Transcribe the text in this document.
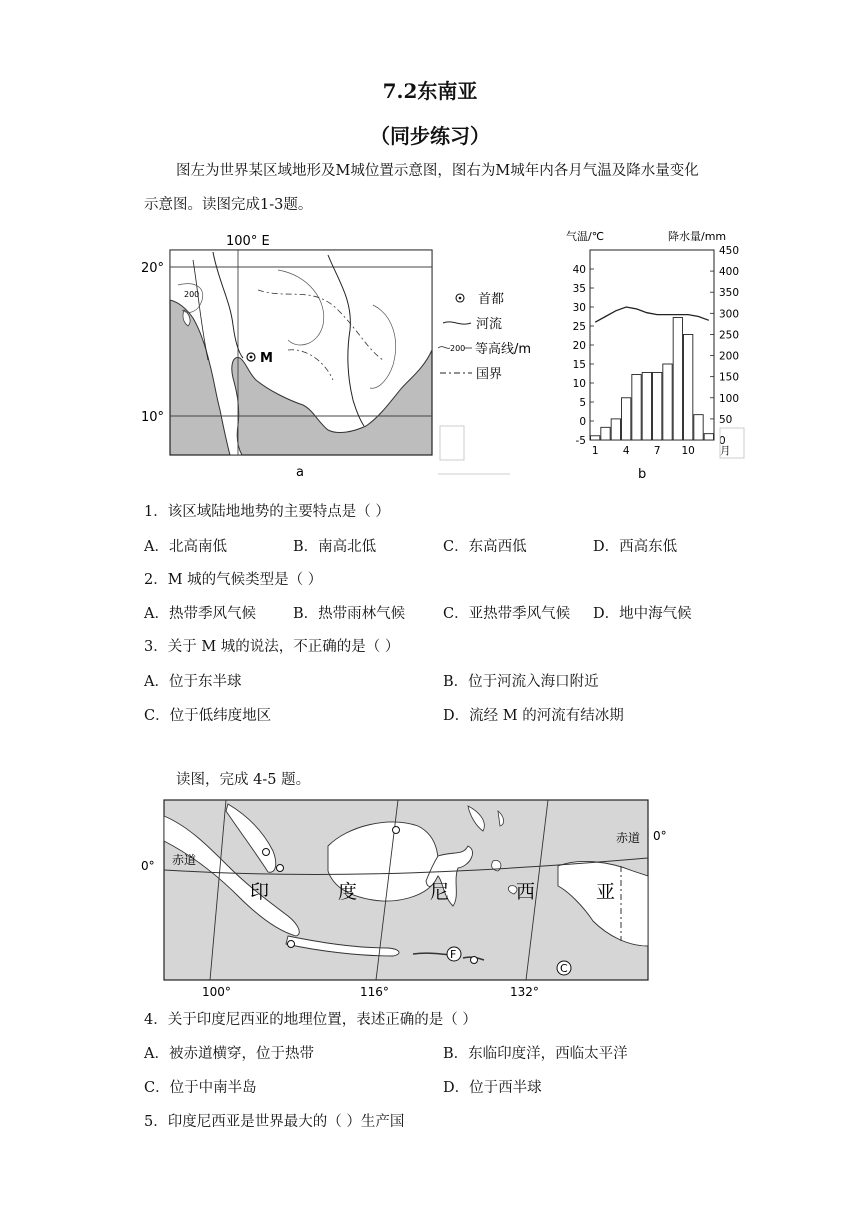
7.2东南亚
（同步练习）
图左为世界某区域地形及M城位置示意图，图右为M城年内各月气温及降水量变化
示意图。读图完成1-3题。
100° E
20°
10°
200
M
a
首都
河流
200 等高线/m
国界
气温/℃	降水量/mm
40
35
30
25
20
15
10
5
0
-5
450
400
350
300
250
200
150
100
50
0
1 4 7 10 月
b
1．该区域陆地地势的主要特点是（ ）
A．北高南低	B．南高北低	C．东高西低	D．西高东低
2．M 城的气候类型是（ ）
A．热带季风气候	B．热带雨林气候	C．亚热带季风气候 D．地中海气候
3．关于 M 城的说法，不正确的是（ ）
A．位于东半球	B．位于河流入海口附近
C．位于低纬度地区	D．流经 M 的河流有结冰期
读图，完成 4-5 题。
赤道
赤道
0°
0°
印	度	尼	西	亚
F
C
100°	116°	132°
4．关于印度尼西亚的地理位置，表述正确的是（ ）
A．被赤道横穿，位于热带	B．东临印度洋，西临太平洋
C．位于中南半岛	D．位于西半球
5．印度尼西亚是世界最大的（ ）生产国
